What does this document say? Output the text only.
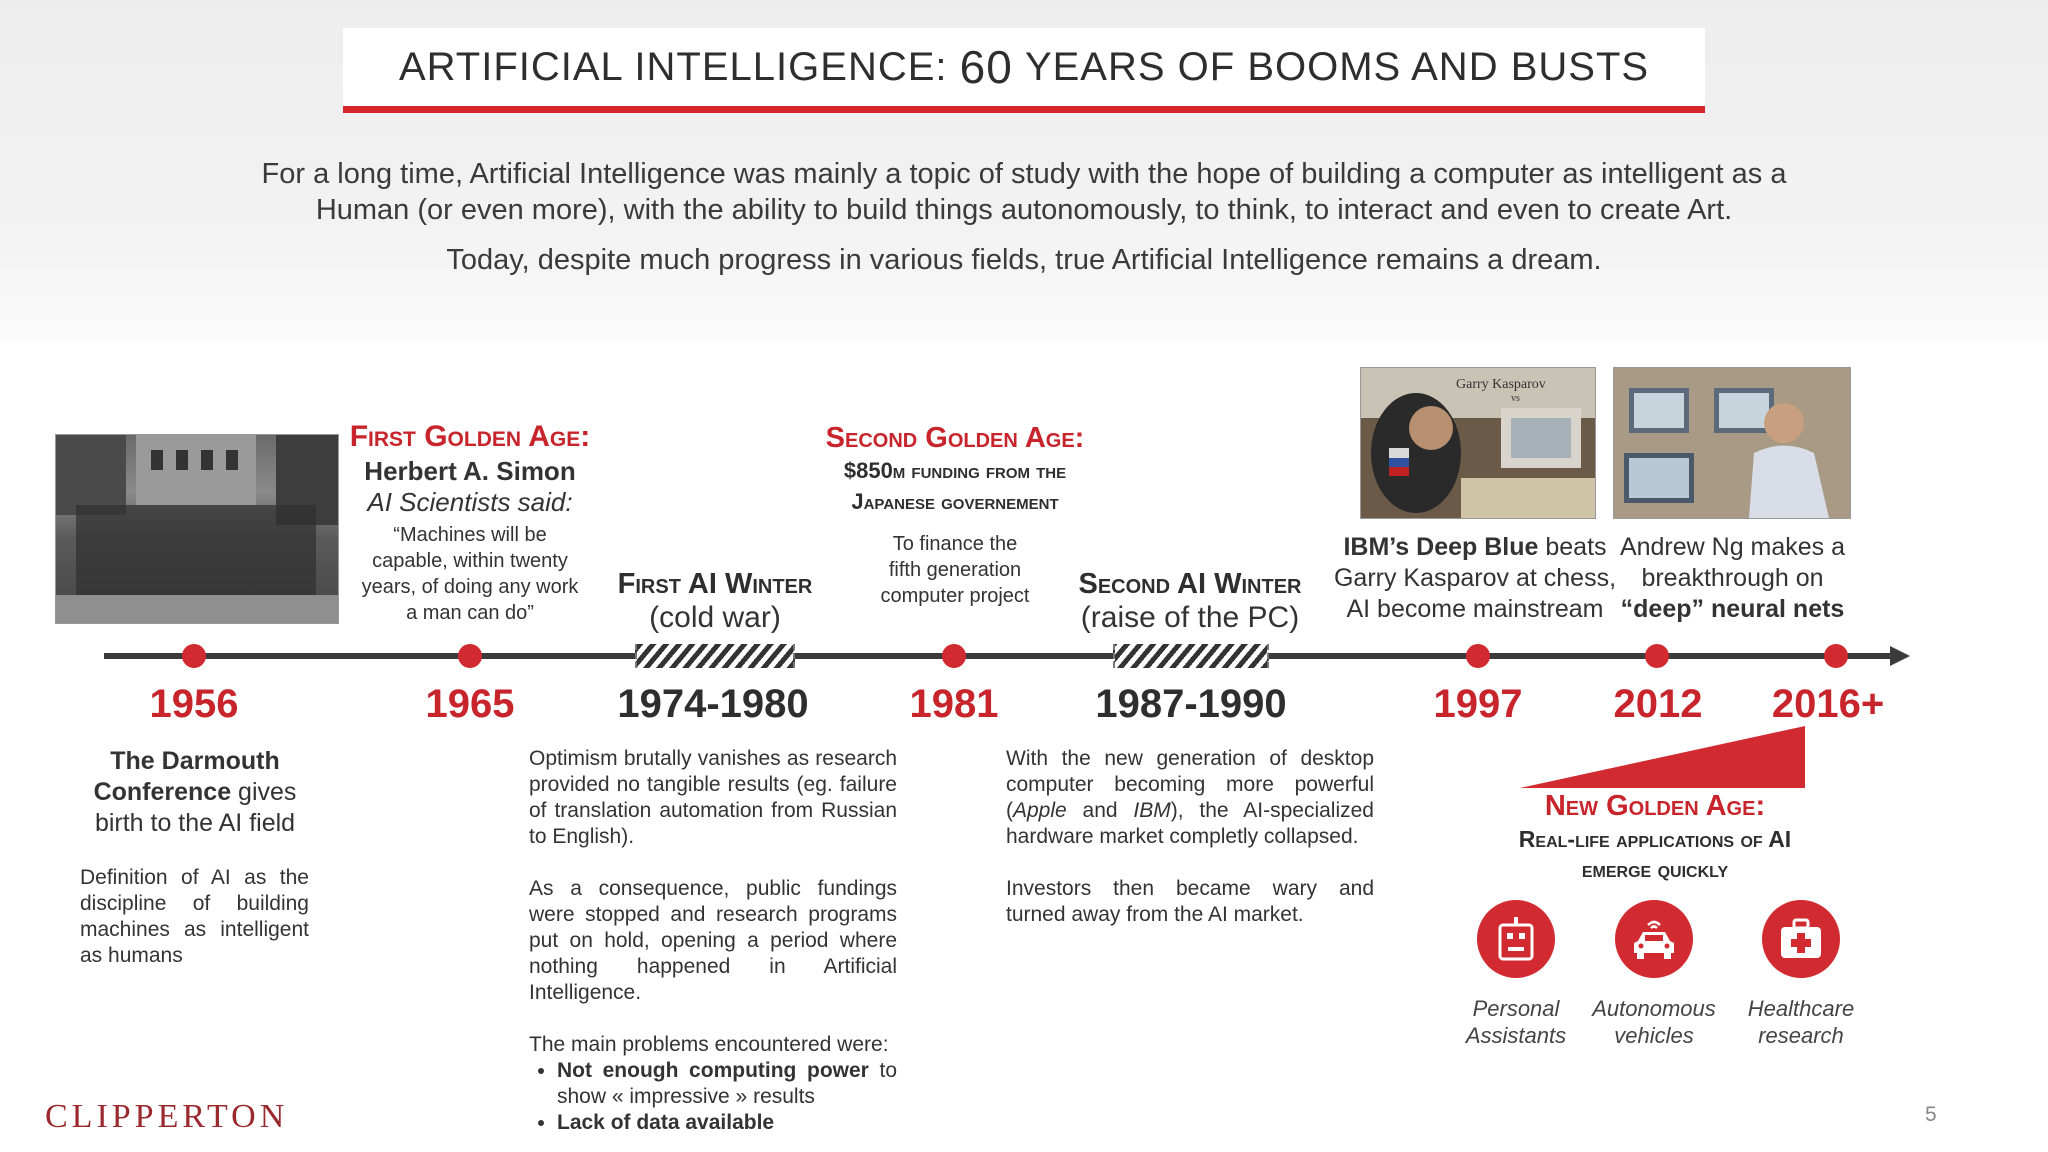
ARTIFICIAL INTELLIGENCE:
60
YEARS OF BOOMS AND BUSTS
For a long time, Artificial Intelligence was mainly a topic of study with the hope of building a computer as intelligent as a
Human (or even more), with the ability to build things autonomously, to think, to interact and even to create Art.
Today, despite much progress in various fields, true Artificial Intelligence remains a dream.
First Golden Age:
Herbert A. Simon
AI Scientists said:
“Machines will be
capable, within twenty
years, of doing any work
a man can do”
First AI Winter
(cold war)
Second Golden Age:
$850m funding from the
Japanese governement
To finance the
fifth generation
computer project	Second AI Winter
(raise of the PC)
Garry Kasparov
vs
IBM’s Deep Blue beats
Garry Kasparov at chess,
AI become mainstream
Andrew Ng makes a
breakthrough on
“deep” neural nets
1956	1965	1974-1980	1981	1987-1990	1997	2012	2016+
The Darmouth
Conference gives
birth to the AI field
Definition of AI as the discipline of building machines as intelligent as humans
Optimism brutally vanishes as research provided no tangible results (eg. failure of translation automation from Russian to English).
As a consequence, public fundings were stopped and research programs put on hold, opening a period where nothing happened in Artificial Intelligence.
The main problems encountered were:
• Not enough computing power to show « impressive » results
• Lack of data available
With the new generation of desktop computer becoming more powerful (Apple and IBM), the AI-specialized hardware market completly collapsed.
Investors then became wary and turned away from the AI market.
New Golden Age:
Real-life applications of AI
emerge quickly
Personal
Assistants
Autonomous
vehicles
Healthcare
research
CLIPPERTON	5
